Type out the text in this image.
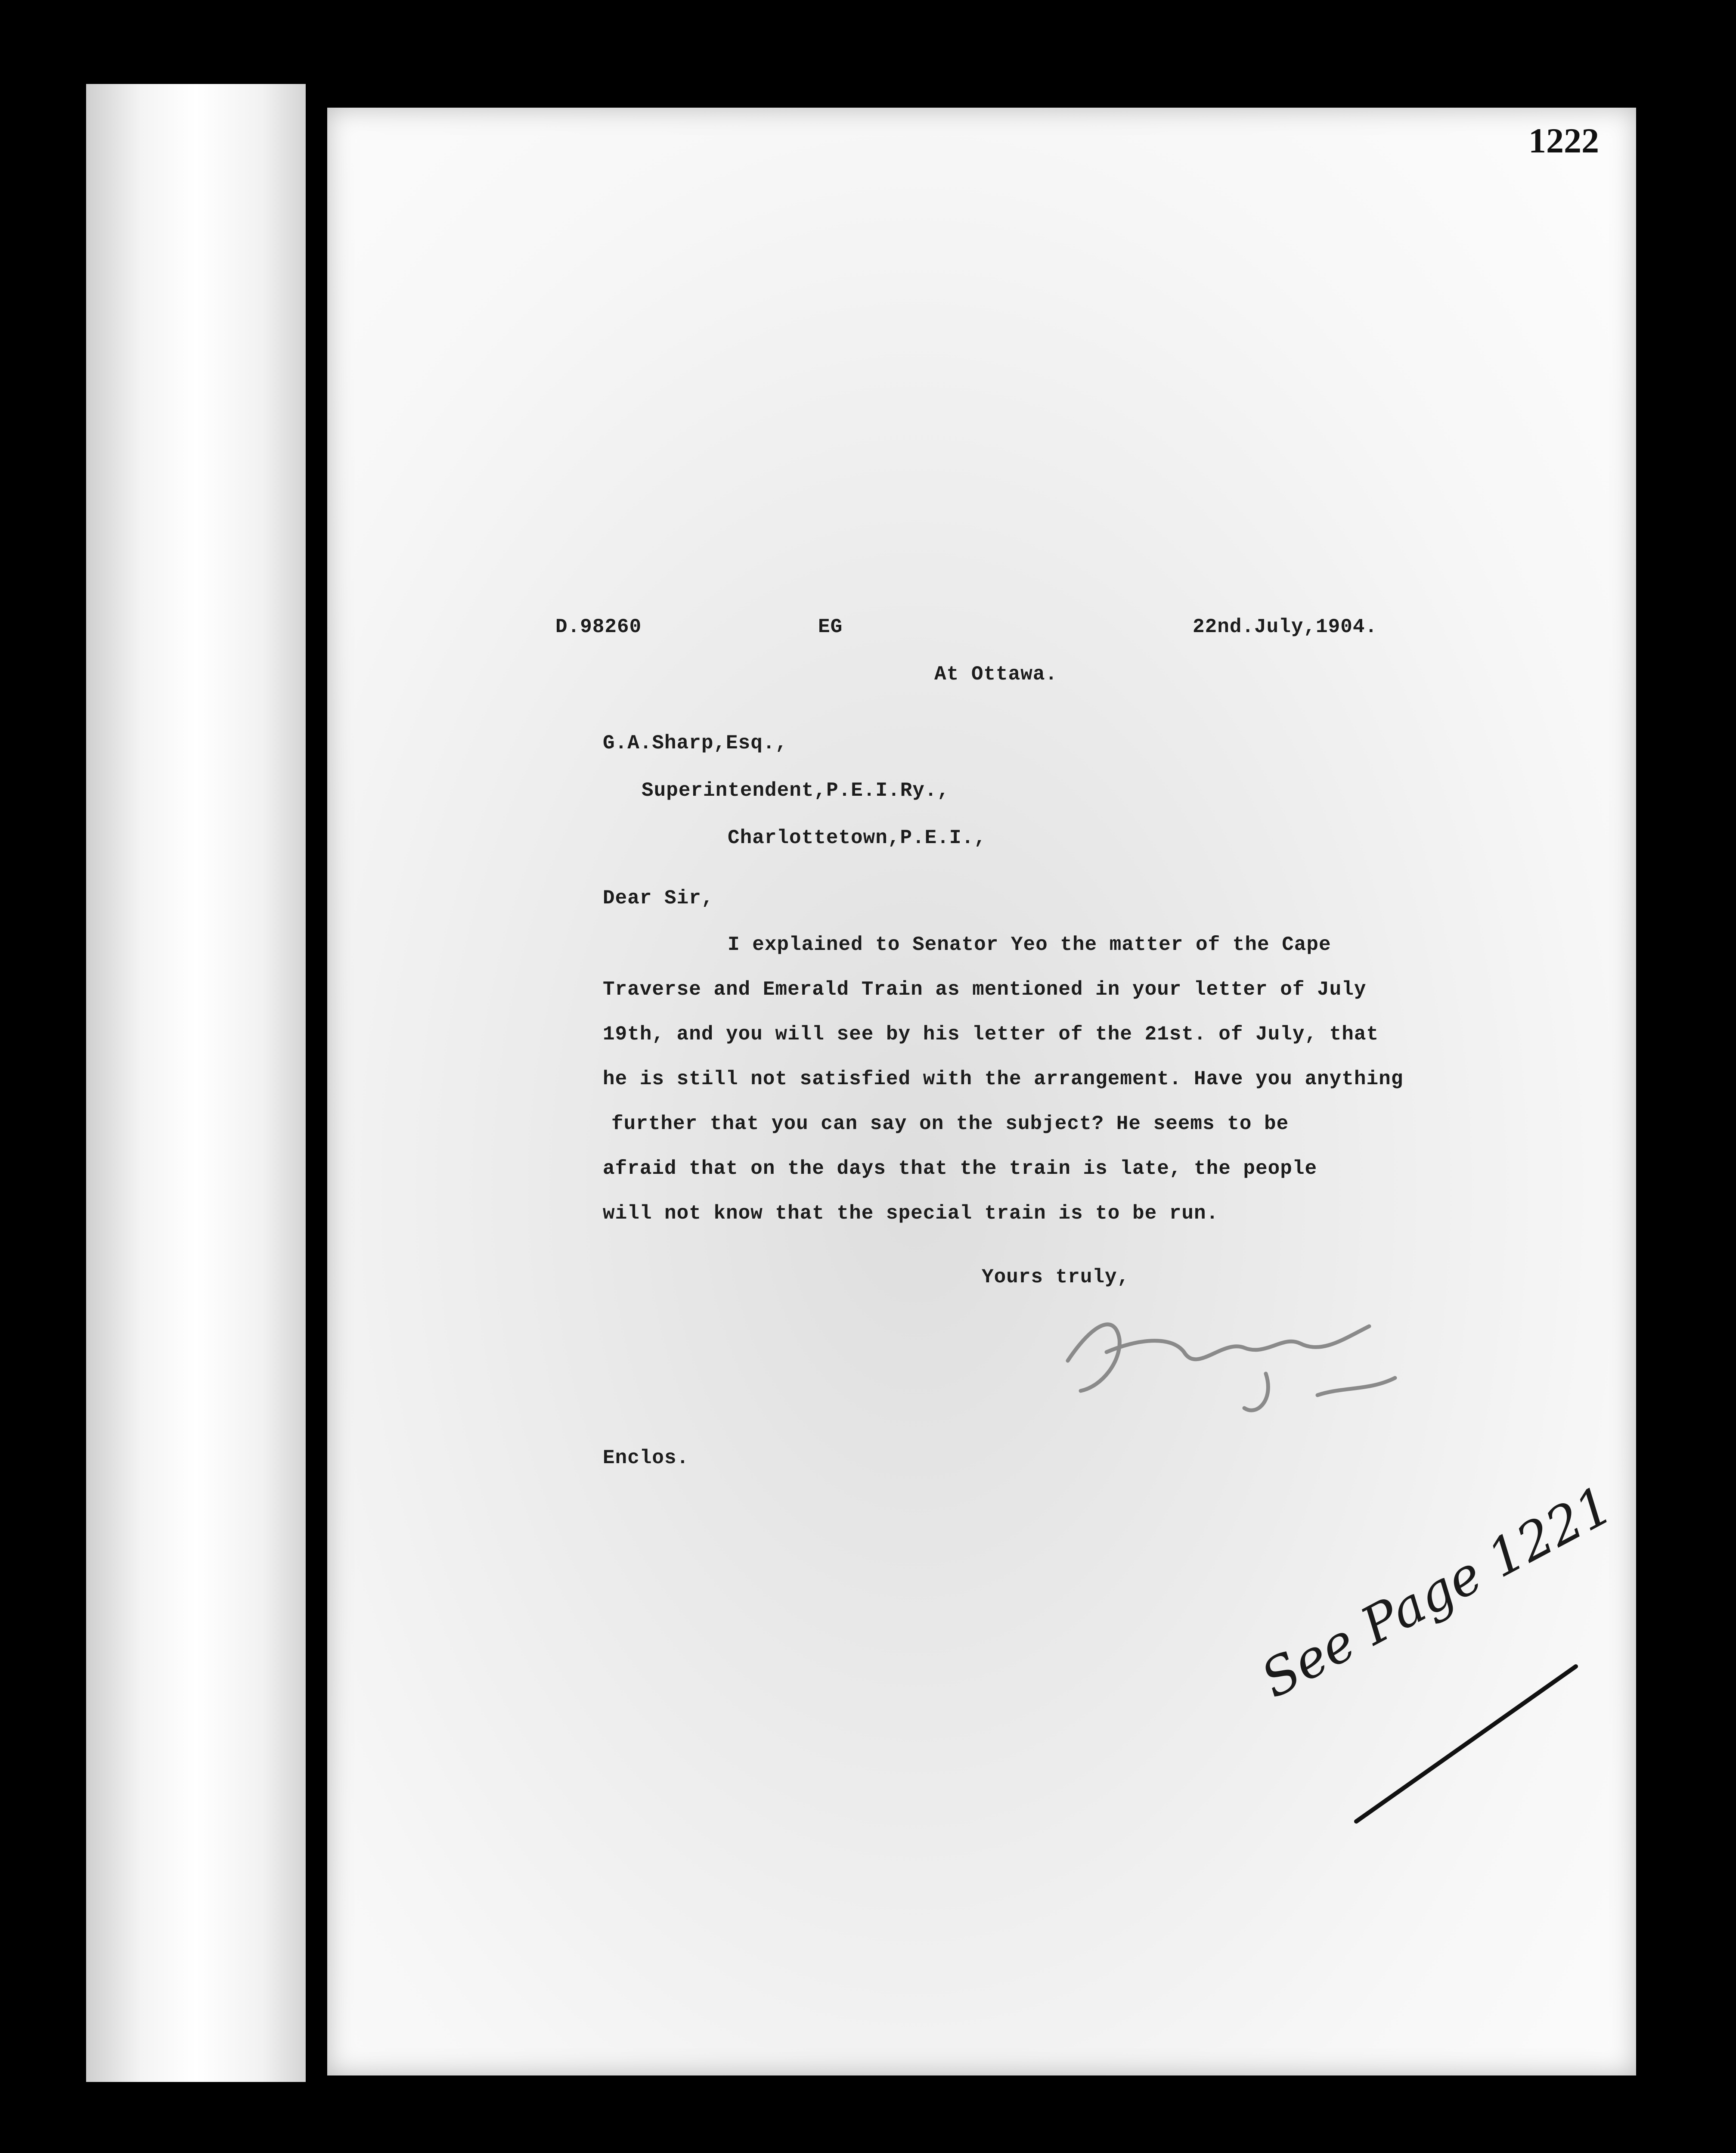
1222
D.98260	EG	22nd.July,1904.
At Ottawa.
G.A.Sharp,Esq.,
Superintendent,P.E.I.Ry.,
Charlottetown,P.E.I.,
Dear Sir,
I explained to Senator Yeo the matter of the Cape
Traverse and Emerald Train as mentioned in your letter of July
19th, and you will see by his letter of the 21st. of July, that
he is still not satisfied with the arrangement. Have you anything
further that you can say on the subject? He seems to be
afraid that on the days that the train is late, the people
will not know that the special train is to be run.
Yours truly,
Enclos.
See Page 1221
